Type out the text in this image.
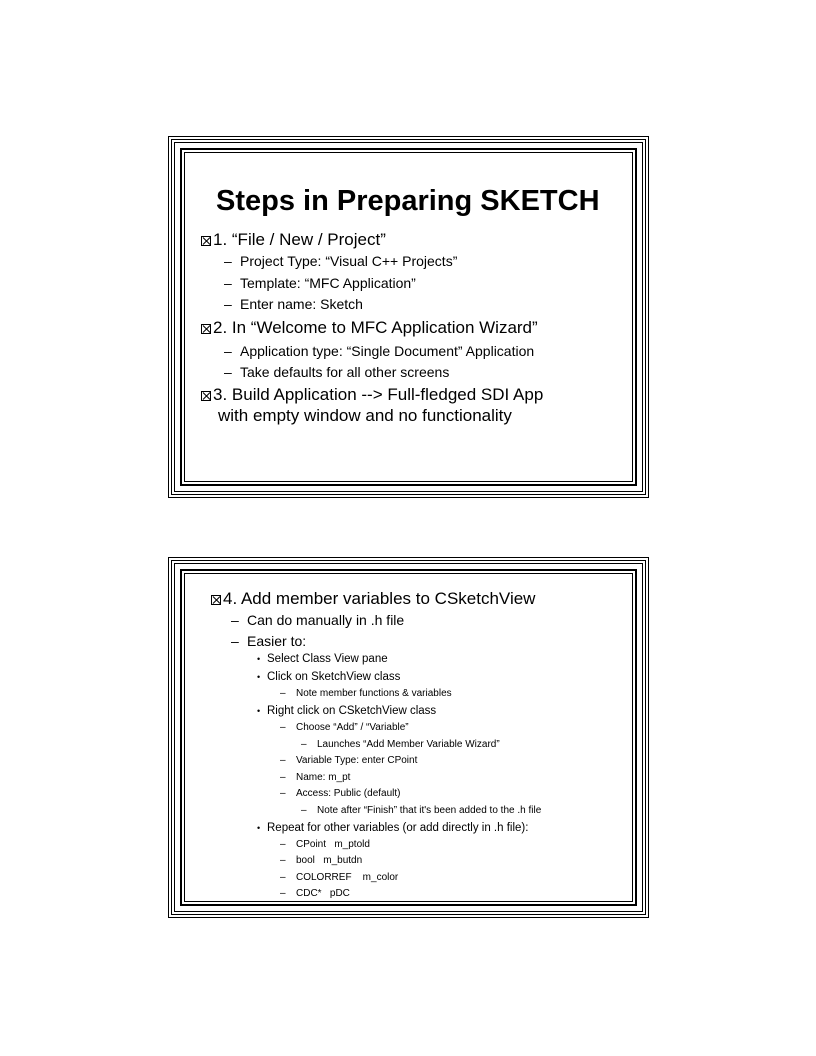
Steps in Preparing SKETCH
1. “File / New / Project”
– Project Type: “Visual C++ Projects”
– Template: “MFC Application”
– Enter name: Sketch
2. In “Welcome to MFC Application Wizard”
– Application type: “Single Document” Application
– Take defaults for all other screens
3. Build Application --> Full-fledged SDI App
with empty window and no functionality
4. Add member variables to CSketchView
– Can do manually in .h file
– Easier to:
• Select Class View pane
• Click on SketchView class
– Note member functions & variables
• Right click on CSketchView class
– Choose “Add” / “Variable”
– Launches “Add Member Variable Wizard”
– Variable Type: enter CPoint
– Name: m_pt
– Access: Public (default)
– Note after “Finish” that it's been added to the .h file
• Repeat for other variables (or add directly in .h file):
– CPoint   m_ptold
– bool   m_butdn
– COLORREF    m_color
– CDC*   pDC
